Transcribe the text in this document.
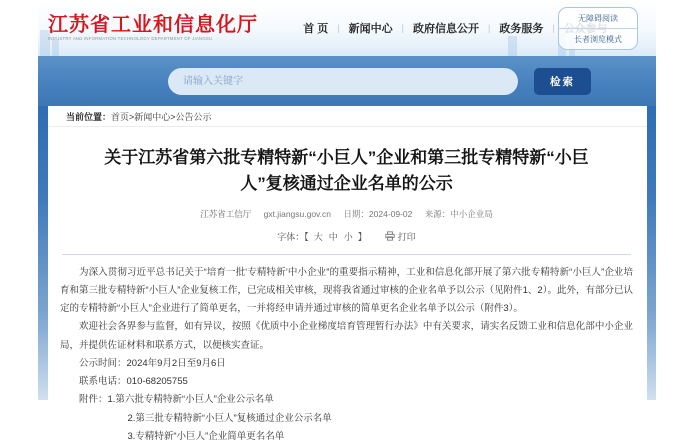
江苏省工业和信息化厅
INDUSTRY AND INFORMATION TECHNOLOGY DEPARTMENT OF JIANGSU
首 页	| 新闻中心	| 政府信息公开	| 政务服务	|
无障碍阅读
长者浏览模式
请输入关键字
检索
当前位置： 首页>新闻中心>公告公示
关于江苏省第六批专精特新“小巨人”企业和第三批专精特新“小巨人”复核通过企业名单的公示
江苏省工信厅 gxt.jiangsu.gov.cn 日期：2024-09-02 来源：中小企业局
字体：【 大 中 小 】	打印

为深入贯彻习近平总书记关于“培育一批‘专精特新’中小企业”的重要指示精神，工业和信息化部开展了第六批专精特新“小巨人”企业培育和第三批专精特新“小巨人”企业复核工作，已完成相关审核，现将我省通过审核的企业名单予以公示（见附件1、2）。此外，有部分已认定的专精特新“小巨人”企业进行了简单更名，一并将经申请并通过审核的简单更名企业名单予以公示（附件3）。

欢迎社会各界参与监督，如有异议，按照《优质中小企业梯度培育管理暂行办法》中有关要求，请实名反馈工业和信息化部中小企业局，并提供佐证材料和联系方式，以便核实查证。

公示时间：2024年9月2日至9月6日

联系电话：010-68205755

附件：1.第六批专精特新“小巨人”企业公示名单

2.第三批专精特新“小巨人”复核通过企业公示名单

3.专精特新“小巨人”企业简单更名名单
